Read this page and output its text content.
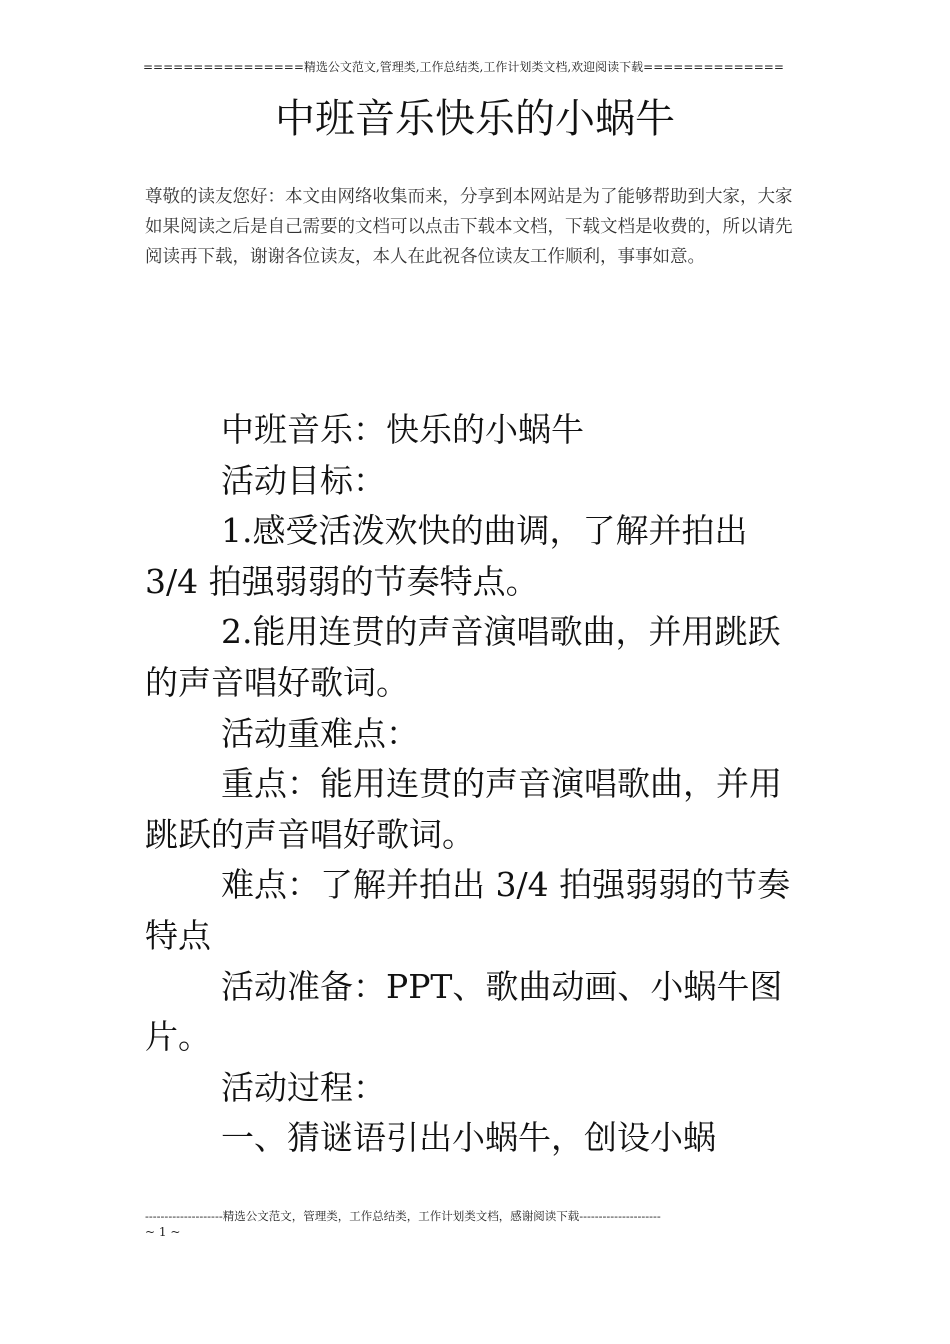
================精选公文范文,管理类,工作总结类,工作计划类文档,欢迎阅读下载==============
中班音乐快乐的小蜗牛
尊敬的读友您好：本文由网络收集而来，分享到本网站是为了能够帮助到大家，大家如果阅读之后是自己需要的文档可以点击下载本文档，下载文档是收费的，所以请先阅读再下载，谢谢各位读友，本人在此祝各位读友工作顺利，事事如意。

中班音乐：快乐的小蜗牛

活动目标：

1.感受活泼欢快的曲调，了解并拍出 3/4 拍强弱弱的节奏特点。

2.能用连贯的声音演唱歌曲，并用跳跃的声音唱好歌词。

活动重难点：

重点：能用连贯的声音演唱歌曲，并用跳跃的声音唱好歌词。

难点：了解并拍出 3/4 拍强弱弱的节奏特点

活动准备：PPT、歌曲动画、小蜗牛图片。

活动过程：

一、猜谜语引出小蜗牛，创设小蜗

--------------------精选公文范文，管理类，工作总结类，工作计划类文档，感谢阅读下载---------------------
~ 1 ~
